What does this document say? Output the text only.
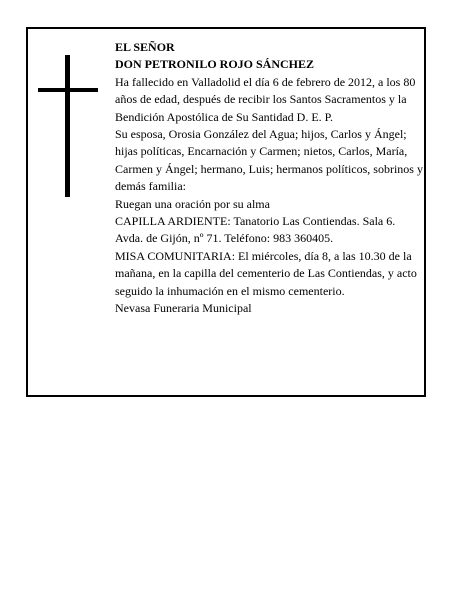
EL SEÑOR

DON PETRONILO ROJO SÁNCHEZ

Ha fallecido en Valladolid el día 6 de febrero de 2012, a los 80 años de edad, después de recibir los Santos Sacramentos y la Bendición Apostólica de Su Santidad D. E. P.

Su esposa, Orosia González del Agua; hijos, Carlos y Ángel; hijas políticas, Encarnación y Carmen; nietos, Carlos, María, Carmen y Ángel; hermano, Luis; hermanos políticos, sobrinos y demás familia:

Ruegan una oración por su alma

CAPILLA ARDIENTE: Tanatorio Las Contiendas. Sala 6. Avda. de Gijón, nº 71. Teléfono: 983 360405.

MISA COMUNITARIA: El miércoles, día 8, a las 10.30 de la mañana, en la capilla del cementerio de Las Contiendas, y acto seguido la inhumación en el mismo cementerio.

Nevasa Funeraria Municipal
